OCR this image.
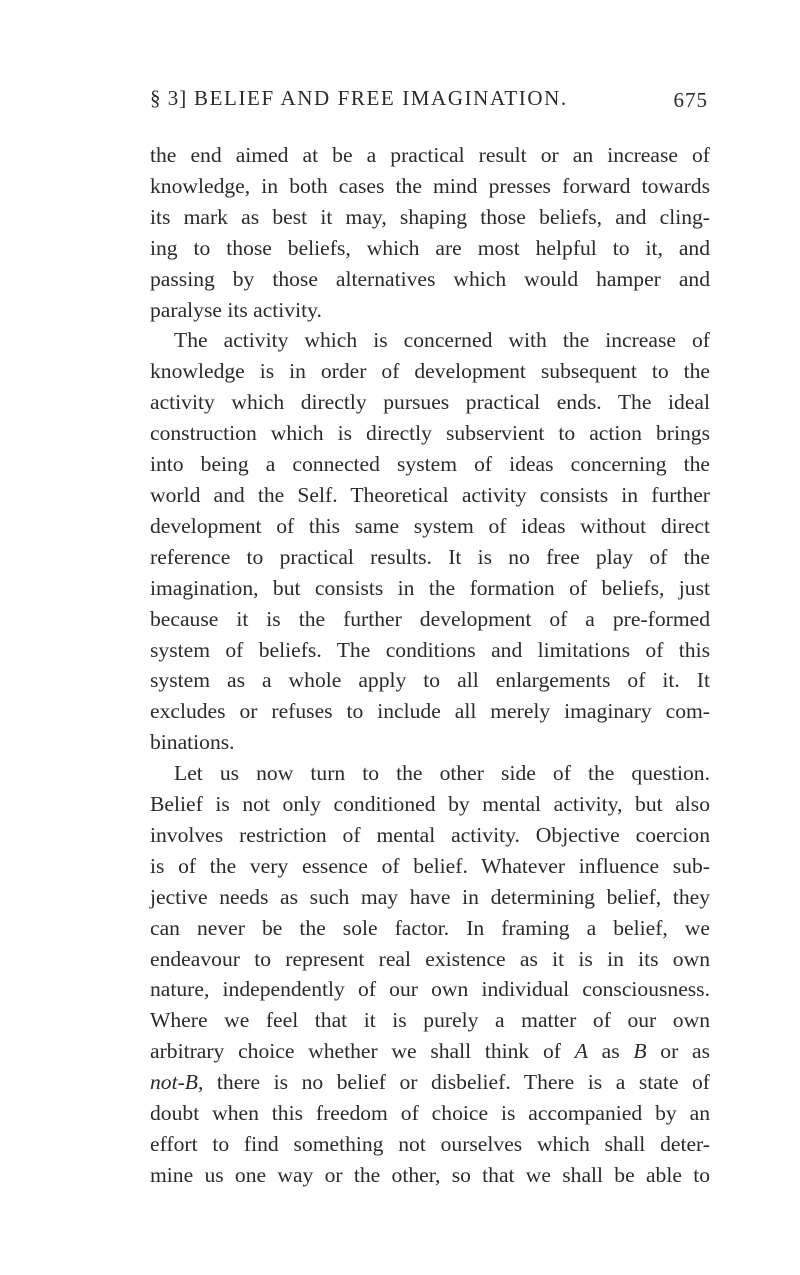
§ 3] BELIEF AND FREE IMAGINATION.	675

the end aimed at be a practical result or an increase of
knowledge, in both cases the mind presses forward towards
its mark as best it may, shaping those beliefs, and cling-
ing to those beliefs, which are most helpful to it, and
passing by those alternatives which would hamper and
paralyse its activity.

The activity which is concerned with the increase of
knowledge is in order of development subsequent to the
activity which directly pursues practical ends. The ideal
construction which is directly subservient to action brings
into being a connected system of ideas concerning the
world and the Self. Theoretical activity consists in further
development of this same system of ideas without direct
reference to practical results. It is no free play of the
imagination, but consists in the formation of beliefs, just
because it is the further development of a pre-formed
system of beliefs. The conditions and limitations of this
system as a whole apply to all enlargements of it. It
excludes or refuses to include all merely imaginary com-
binations.

Let us now turn to the other side of the question.
Belief is not only conditioned by mental activity, but also
involves restriction of mental activity. Objective coercion
is of the very essence of belief. Whatever influence sub-
jective needs as such may have in determining belief, they
can never be the sole factor. In framing a belief, we
endeavour to represent real existence as it is in its own
nature, independently of our own individual consciousness.
Where we feel that it is purely a matter of our own
arbitrary choice whether we shall think of A as B or as
not-B, there is no belief or disbelief. There is a state of
doubt when this freedom of choice is accompanied by an
effort to find something not ourselves which shall deter-
mine us one way or the other, so that we shall be able to
